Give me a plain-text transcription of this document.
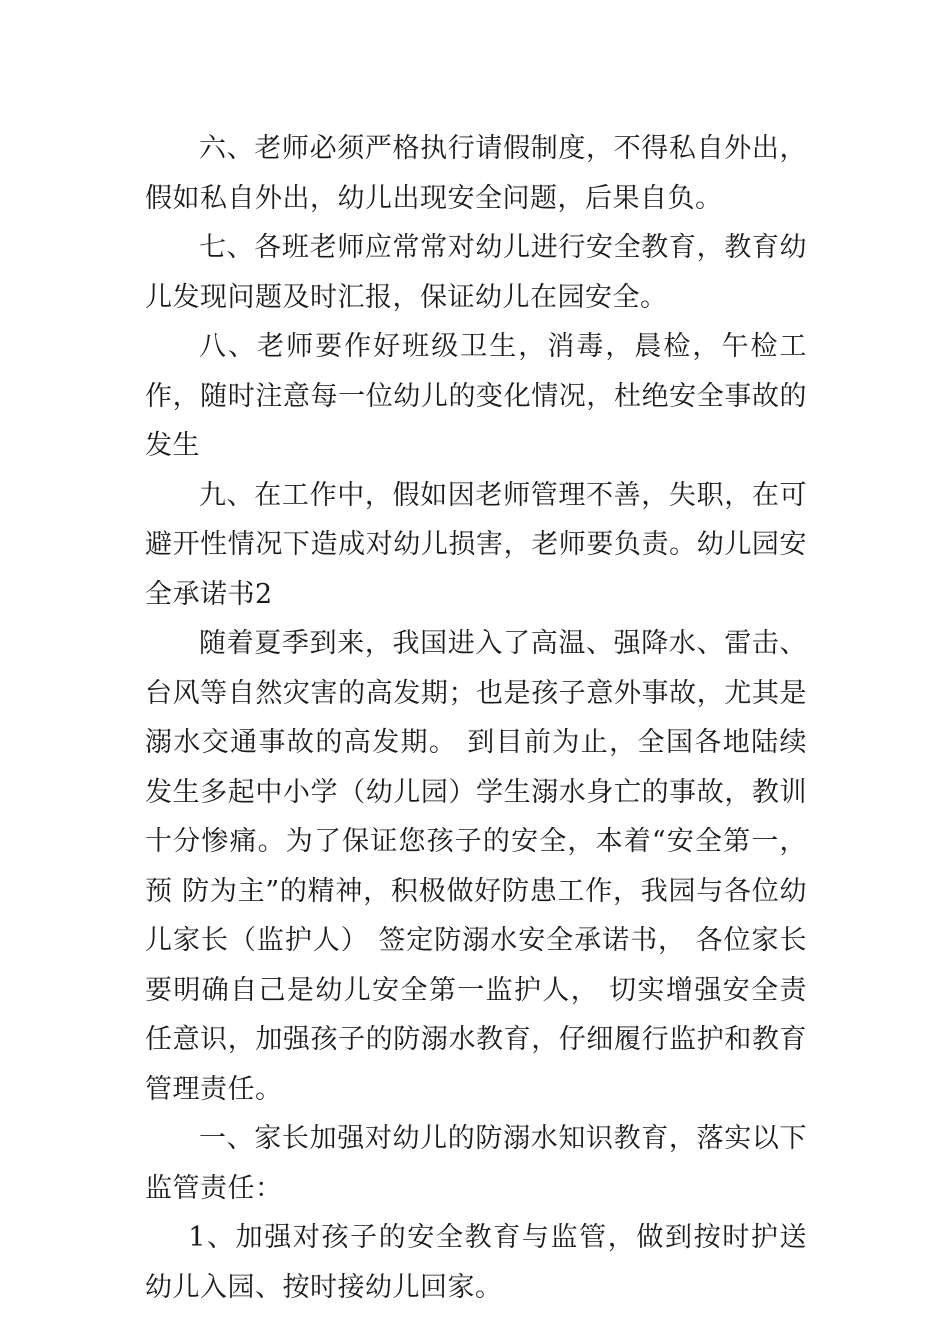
六、老师必须严格执行请假制度，不得私自外出，假如私自外出，幼儿出现安全问题，后果自负。

七、各班老师应常常对幼儿进行安全教育，教育幼儿发现问题及时汇报，保证幼儿在园安全。

八、老师要作好班级卫生，消毒，晨检，午检工作，随时注意每一位幼儿的变化情况，杜绝安全事故的发生

九、在工作中，假如因老师管理不善，失职，在可避开性情况下造成对幼儿损害，老师要负责。幼儿园安全承诺书2

随着夏季到来，我国进入了高温、强降水、雷击、台风等自然灾害的高发期；也是孩子意外事故，尤其是溺水交通事故的高发期。 到目前为止，全国各地陆续发生多起中小学（幼儿园）学生溺水身亡的事故，教训十分惨痛。为了保证您孩子的安全，本着“安全第一，预 防为主”的精神，积极做好防患工作，我园与各位幼儿家长（监护人） 签定防溺水安全承诺书， 各位家长要明确自己是幼儿安全第一监护人， 切实增强安全责任意识，加强孩子的防溺水教育，仔细履行监护和教育管理责任。

一、家长加强对幼儿的防溺水知识教育，落实以下监管责任：

1、加强对孩子的安全教育与监管，做到按时护送幼儿入园、按时接幼儿回家。
